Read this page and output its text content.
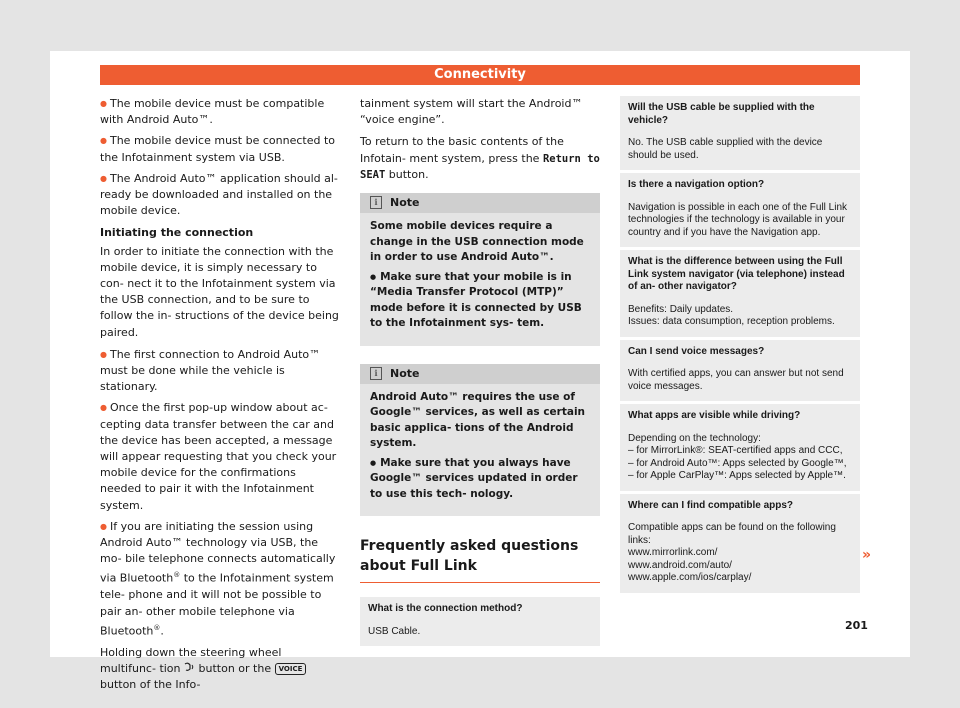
Connectivity

● The mobile device must be compatible with Android Auto™.

● The mobile device must be connected to the Infotainment system via USB.

● The Android Auto™ application should al- ready be downloaded and installed on the mobile device.

Initiating the connection

In order to initiate the connection with the mobile device, it is simply necessary to con- nect it to the Infotainment system via the USB connection, and to be sure to follow the in- structions of the device being paired.

● The first connection to Android Auto™ must be done while the vehicle is stationary.

● Once the first pop-up window about ac- cepting data transfer between the car and the device has been accepted, a message will appear requesting that you check your mobile device for the confirmations needed to pair it with the Infotainment system.

● If you are initiating the session using Android Auto™ technology via USB, the mo- bile telephone connects automatically via Bluetooth® to the Infotainment system tele- phone and it will not be possible to pair an- other mobile telephone via Bluetooth®.

Holding down the steering wheel multifunc- tion  button or the VOICE button of the Info-

tainment system will start the Android™ “voice engine”.

To return to the basic contents of the Infotain- ment system, press the Return to SEAT button.

i Note

Some mobile devices require a change in the USB connection mode in order to use Android Auto™.

● Make sure that your mobile is in “Media Transfer Protocol (MTP)” mode before it is connected by USB to the Infotainment sys- tem.

i Note

Android Auto™ requires the use of Google™ services, as well as certain basic applica- tions of the Android system.

● Make sure that you always have Google™ services updated in order to use this tech- nology.

Frequently asked questions about Full Link
What is the connection method?
USB Cable.
Will the USB cable be supplied with the vehicle?
No. The USB cable supplied with the device should be used.
Is there a navigation option?
Navigation is possible in each one of the Full Link technologies if the technology is available in your country and if you have the Navigation app.
What is the difference between using the Full Link system navigator (via telephone) instead of an- other navigator?
Benefits: Daily updates.
Issues: data consumption, reception problems.
Can I send voice messages?
With certified apps, you can answer but not send voice messages.
What apps are visible while driving?
Depending on the technology:
– for MirrorLink®: SEAT-certified apps and CCC,
– for Android Auto™: Apps selected by Google™,
– for Apple CarPlay™: Apps selected by Apple™.
Where can I find compatible apps?
Compatible apps can be found on the following links:
www.mirrorlink.com/
www.android.com/auto/
www.apple.com/ios/carplay/
»
201
